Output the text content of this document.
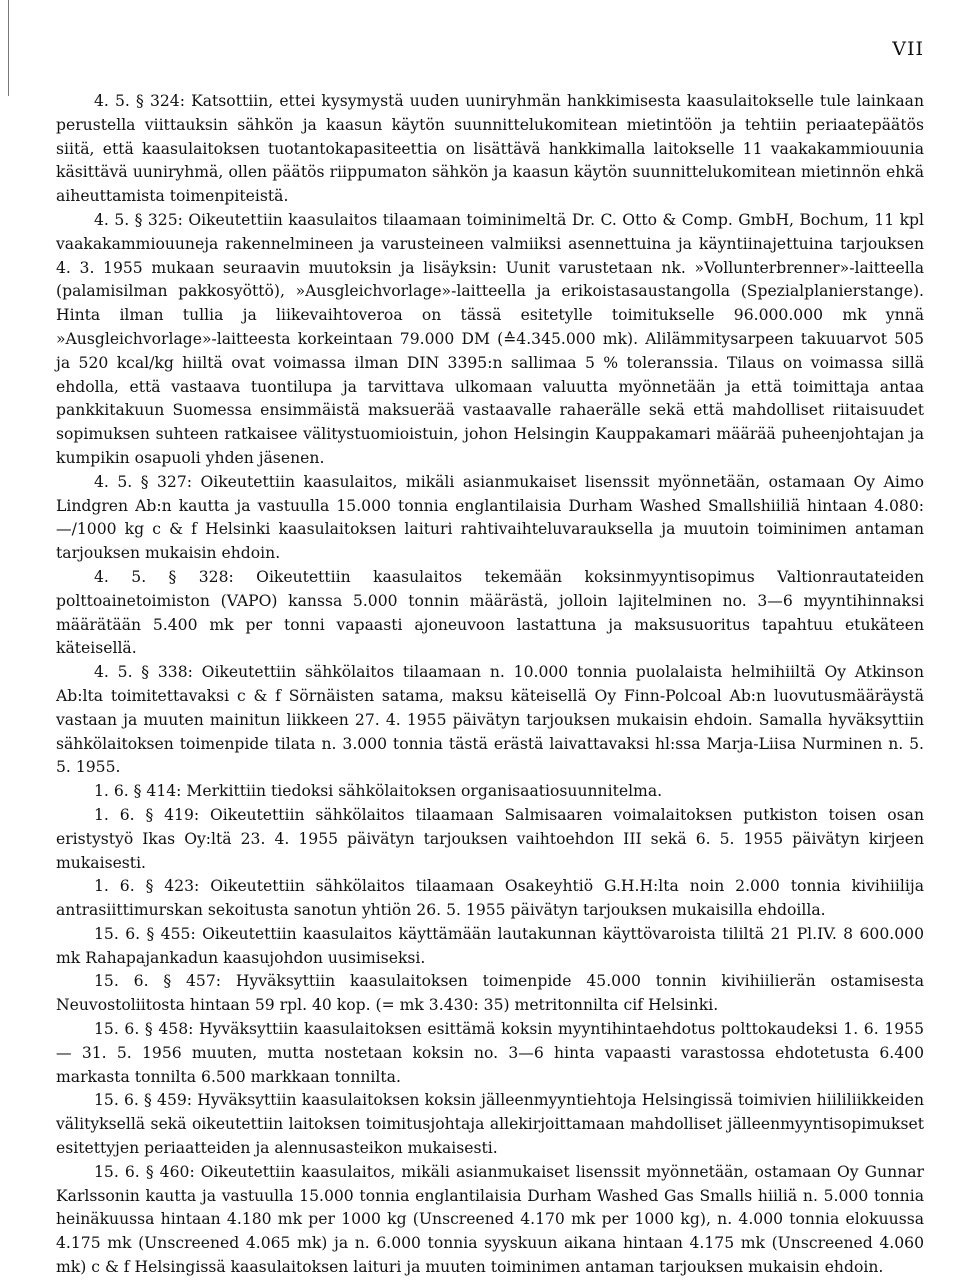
VII

4. 5. § 324: Katsottiin, ettei kysymystä uuden uuniryhmän hankkimisesta kaasulaitokselle tule lainkaan perustella viittauksin sähkön ja kaasun käytön suunnittelukomitean mietintöön ja tehtiin periaatepäätös siitä, että kaasulaitoksen tuotantokapasiteettia on lisättävä hankkimalla laitokselle 11 vaakakammiouunia käsittävä uuniryhmä, ollen päätös riippumaton sähkön ja kaasun käytön suunnittelukomitean mietinnön ehkä aiheuttamista toimenpiteistä.

4. 5. § 325: Oikeutettiin kaasulaitos tilaamaan toiminimeltä Dr. C. Otto & Comp. GmbH, Bochum, 11 kpl vaakakammiouuneja rakennelmineen ja varusteineen valmiiksi asennettuina ja käyntiinajettuina tarjouksen 4. 3. 1955 mukaan seuraavin muutoksin ja lisäyksin: Uunit varustetaan nk. »Vollunterbrenner»-laitteella (palamisilman pakkosyöttö), »Ausgleichvorlage»-laitteella ja erikoistasaustangolla (Spezialplanierstange). Hinta ilman tullia ja liikevaihtoveroa on tässä esitetylle toimitukselle 96.000.000 mk ynnä »Ausgleichvorlage»-laitteesta korkeintaan 79.000 DM (≙4.345.000 mk). Alilämmitysarpeen takuuarvot 505 ja 520 kcal/kg hiiltä ovat voimassa ilman DIN 3395:n sallimaa 5 % toleranssia. Tilaus on voimassa sillä ehdolla, että vastaava tuontilupa ja tarvittava ulkomaan valuutta myönnetään ja että toimittaja antaa pankkitakuun Suomessa ensimmäistä maksuerää vastaavalle rahaerälle sekä että mahdolliset riitaisuudet sopimuksen suhteen ratkaisee välitystuomioistuin, johon Helsingin Kauppakamari määrää puheenjohtajan ja kumpikin osapuoli yhden jäsenen.

4. 5. § 327: Oikeutettiin kaasulaitos, mikäli asianmukaiset lisenssit myönnetään, ostamaan Oy Aimo Lindgren Ab:n kautta ja vastuulla 15.000 tonnia englantilaisia Durham Washed Smallshiiliä hintaan 4.080: —/1000 kg c & f Helsinki kaasulaitoksen laituri rahtivaihteluvarauksella ja muutoin toiminimen antaman tarjouksen mukaisin ehdoin.

4. 5. § 328: Oikeutettiin kaasulaitos tekemään koksinmyyntisopimus Valtionrautateiden polttoainetoimiston (VAPO) kanssa 5.000 tonnin määrästä, jolloin lajitelminen no. 3—6 myyntihinnaksi määrätään 5.400 mk per tonni vapaasti ajoneuvoon lastattuna ja maksusuoritus tapahtuu etukäteen käteisellä.

4. 5. § 338: Oikeutettiin sähkölaitos tilaamaan n. 10.000 tonnia puolalaista helmihiiltä Oy Atkinson Ab:lta toimitettavaksi c & f Sörnäisten satama, maksu käteisellä Oy Finn-Polcoal Ab:n luovutusmääräystä vastaan ja muuten mainitun liikkeen 27. 4. 1955 päivätyn tarjouksen mukaisin ehdoin. Samalla hyväksyttiin sähkölaitoksen toimenpide tilata n. 3.000 tonnia tästä erästä laivattavaksi hl:ssa Marja-Liisa Nurminen n. 5. 5. 1955.

1. 6. § 414: Merkittiin tiedoksi sähkölaitoksen organisaatiosuunnitelma.

1. 6. § 419: Oikeutettiin sähkölaitos tilaamaan Salmisaaren voimalaitoksen putkiston toisen osan eristystyö Ikas Oy:ltä 23. 4. 1955 päivätyn tarjouksen vaihtoehdon III sekä 6. 5. 1955 päivätyn kirjeen mukaisesti.

1. 6. § 423: Oikeutettiin sähkölaitos tilaamaan Osakeyhtiö G.H.H:lta noin 2.000 tonnia kivihiilija antrasiittimurskan sekoitusta sanotun yhtiön 26. 5. 1955 päivätyn tarjouksen mukaisilla ehdoilla.

15. 6. § 455: Oikeutettiin kaasulaitos käyttämään lautakunnan käyttövaroista tililtä 21 Pl.IV. 8 600.000 mk Rahapajankadun kaasujohdon uusimiseksi.

15. 6. § 457: Hyväksyttiin kaasulaitoksen toimenpide 45.000 tonnin kivihiilierän ostamisesta Neuvostoliitosta hintaan 59 rpl. 40 kop. (= mk 3.430: 35) metritonnilta cif Helsinki.

15. 6. § 458: Hyväksyttiin kaasulaitoksen esittämä koksin myyntihintaehdotus polttokaudeksi 1. 6. 1955 — 31. 5. 1956 muuten, mutta nostetaan koksin no. 3—6 hinta vapaasti varastossa ehdotetusta 6.400 markasta tonnilta 6.500 markkaan tonnilta.

15. 6. § 459: Hyväksyttiin kaasulaitoksen koksin jälleenmyyntiehtoja Helsingissä toimivien hiililiikkeiden välityksellä sekä oikeutettiin laitoksen toimitusjohtaja allekirjoittamaan mahdolliset jälleenmyyntisopimukset esitettyjen periaatteiden ja alennusasteikon mukaisesti.

15. 6. § 460: Oikeutettiin kaasulaitos, mikäli asianmukaiset lisenssit myönnetään, ostamaan Oy Gunnar Karlssonin kautta ja vastuulla 15.000 tonnia englantilaisia Durham Washed Gas Smalls hiiliä n. 5.000 tonnia heinäkuussa hintaan 4.180 mk per 1000 kg (Unscreened 4.170 mk per 1000 kg), n. 4.000 tonnia elokuussa 4.175 mk (Unscreened 4.065 mk) ja n. 6.000 tonnia syyskuun aikana hintaan 4.175 mk (Unscreened 4.060 mk) c & f Helsingissä kaasulaitoksen laituri ja muuten toiminimen antaman tarjouksen mukaisin ehdoin.
